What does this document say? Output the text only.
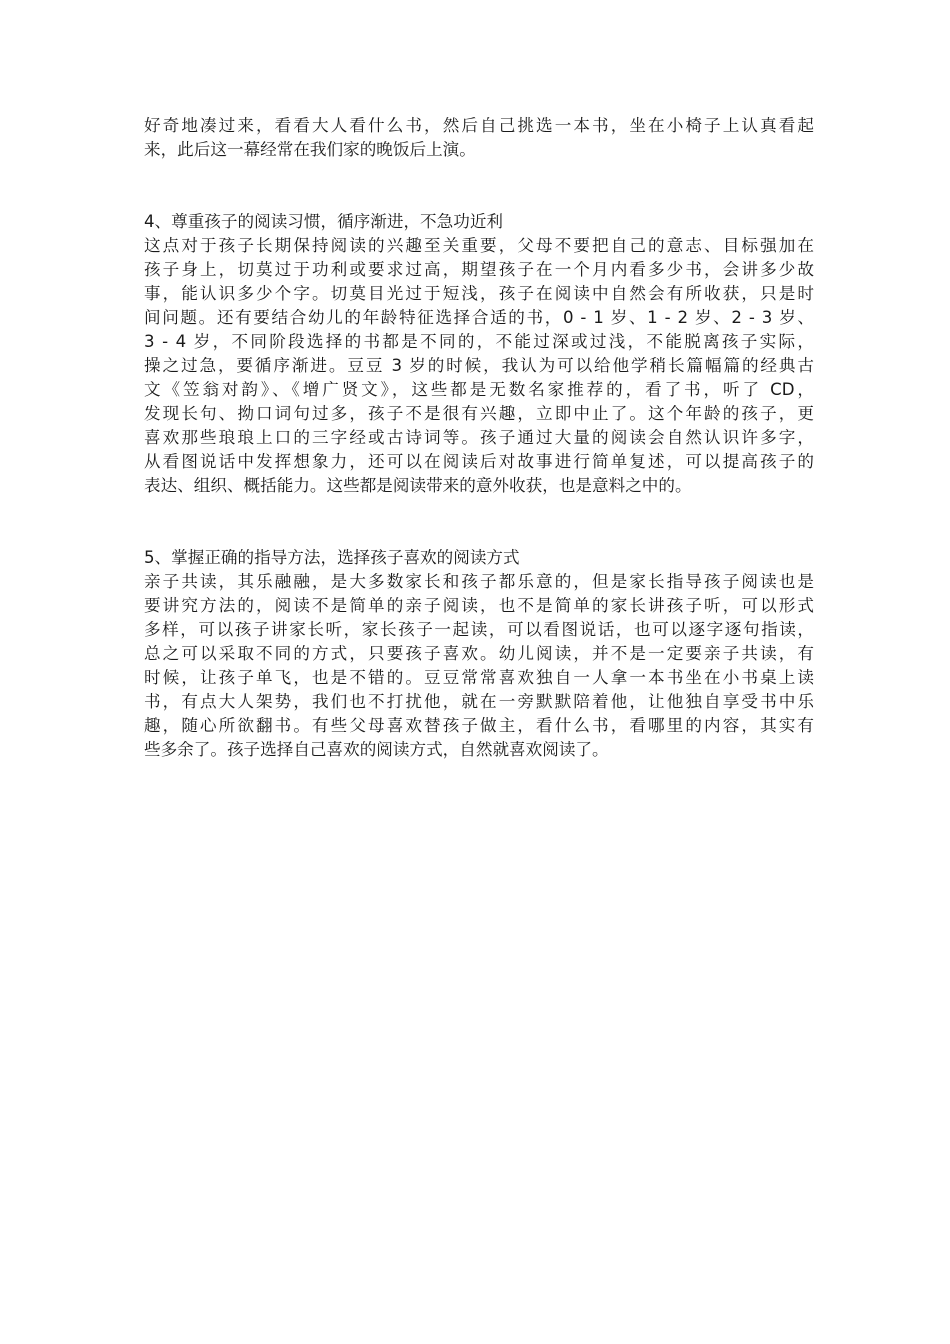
好奇地凑过来，看看大人看什么书，然后自己挑选一本书，坐在小椅子上认真看起
来，此后这一幕经常在我们家的晚饭后上演。
4、尊重孩子的阅读习惯，循序渐进，不急功近利
这点对于孩子长期保持阅读的兴趣至关重要，父母不要把自己的意志、目标强加在
孩子身上，切莫过于功利或要求过高，期望孩子在一个月内看多少书，会讲多少故
事，能认识多少个字。切莫目光过于短浅，孩子在阅读中自然会有所收获，只是时
间问题。还有要结合幼儿的年龄特征选择合适的书，0 - 1 岁、1 - 2 岁、2 - 3 岁、
3 - 4 岁，不同阶段选择的书都是不同的，不能过深或过浅，不能脱离孩子实际，
操之过急，要循序渐进。豆豆 3 岁的时候，我认为可以给他学稍长篇幅篇的经典古
文《笠翁对韵》、《增广贤文》，这些都是无数名家推荐的，看了书，听了 CD，
发现长句、拗口词句过多，孩子不是很有兴趣，立即中止了。这个年龄的孩子，更
喜欢那些琅琅上口的三字经或古诗词等。孩子通过大量的阅读会自然认识许多字，
从看图说话中发挥想象力，还可以在阅读后对故事进行简单复述，可以提高孩子的
表达、组织、概括能力。这些都是阅读带来的意外收获，也是意料之中的。
5、掌握正确的指导方法，选择孩子喜欢的阅读方式
亲子共读，其乐融融，是大多数家长和孩子都乐意的，但是家长指导孩子阅读也是
要讲究方法的，阅读不是简单的亲子阅读，也不是简单的家长讲孩子听，可以形式
多样，可以孩子讲家长听，家长孩子一起读，可以看图说话，也可以逐字逐句指读，
总之可以采取不同的方式，只要孩子喜欢。幼儿阅读，并不是一定要亲子共读，有
时候，让孩子单飞，也是不错的。豆豆常常喜欢独自一人拿一本书坐在小书桌上读
书，有点大人架势，我们也不打扰他，就在一旁默默陪着他，让他独自享受书中乐
趣，随心所欲翻书。有些父母喜欢替孩子做主，看什么书，看哪里的内容，其实有
些多余了。孩子选择自己喜欢的阅读方式，自然就喜欢阅读了。
